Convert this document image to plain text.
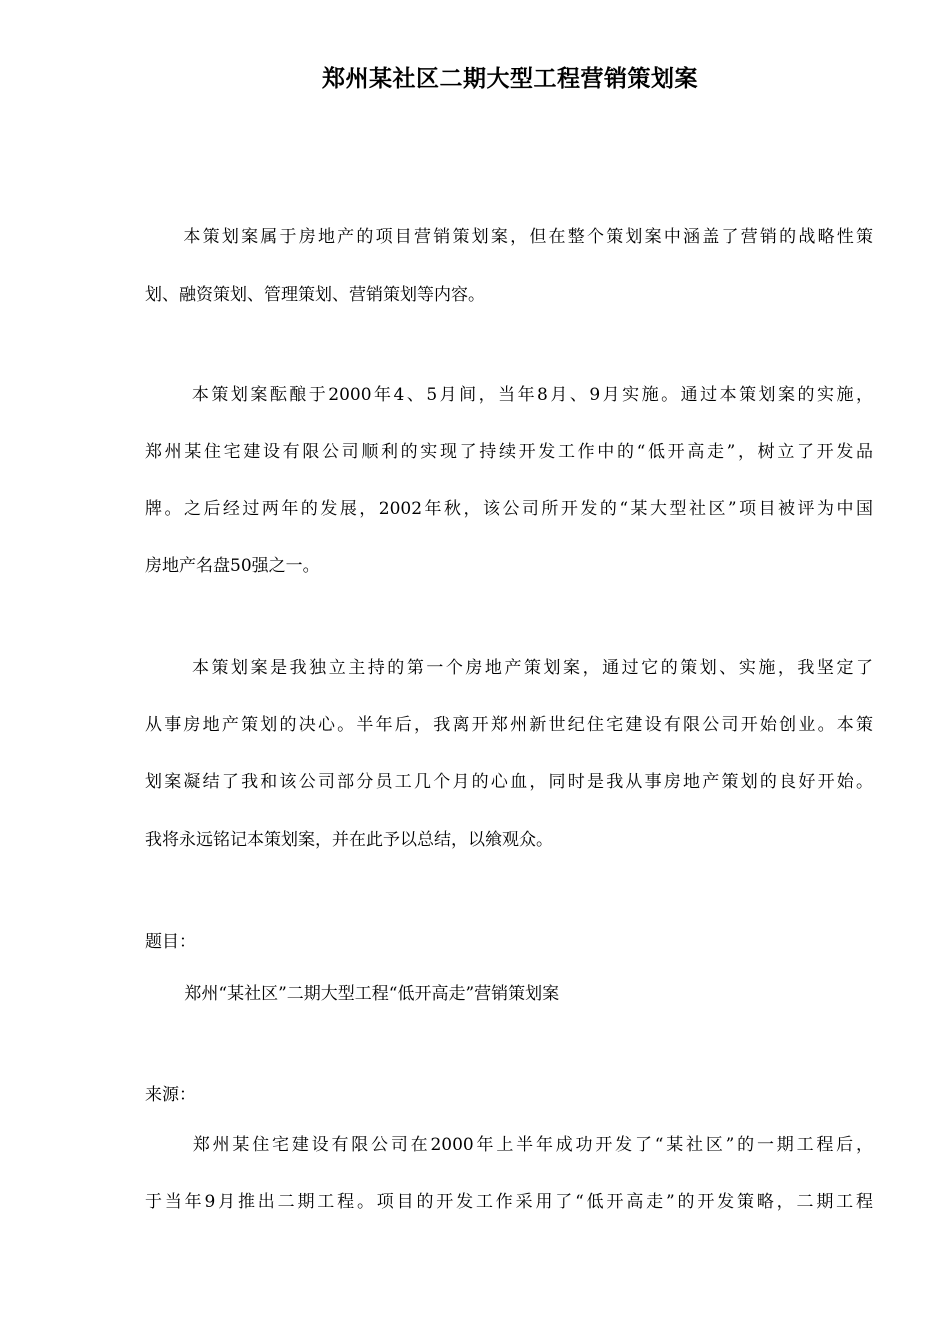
郑州某社区二期大型工程营销策划案
　　本策划案属于房地产的项目营销策划案，但在整个策划案中涵盖了营销的战略性策
划、融资策划、管理策划、营销策划等内容。
　　 本策划案酝酿于2000年4、5月间，当年8月、9月实施。通过本策划案的实施，
郑州某住宅建设有限公司顺利的实现了持续开发工作中的“低开高走”，树立了开发品
牌。之后经过两年的发展，2002年秋，该公司所开发的“某大型社区”项目被评为中国
房地产名盘50强之一。
　　 本策划案是我独立主持的第一个房地产策划案，通过它的策划、实施，我坚定了
从事房地产策划的决心。半年后，我离开郑州新世纪住宅建设有限公司开始创业。本策
划案凝结了我和该公司部分员工几个月的心血，同时是我从事房地产策划的良好开始。
我将永远铭记本策划案，并在此予以总结，以飨观众。
题目：
　　 郑州“某社区”二期大型工程“低开高走”营销策划案
来源：
　　 郑州某住宅建设有限公司在2000年上半年成功开发了“某社区”的一期工程后，
于当年9月推出二期工程。项目的开发工作采用了“低开高走”的开发策略，二期工程
